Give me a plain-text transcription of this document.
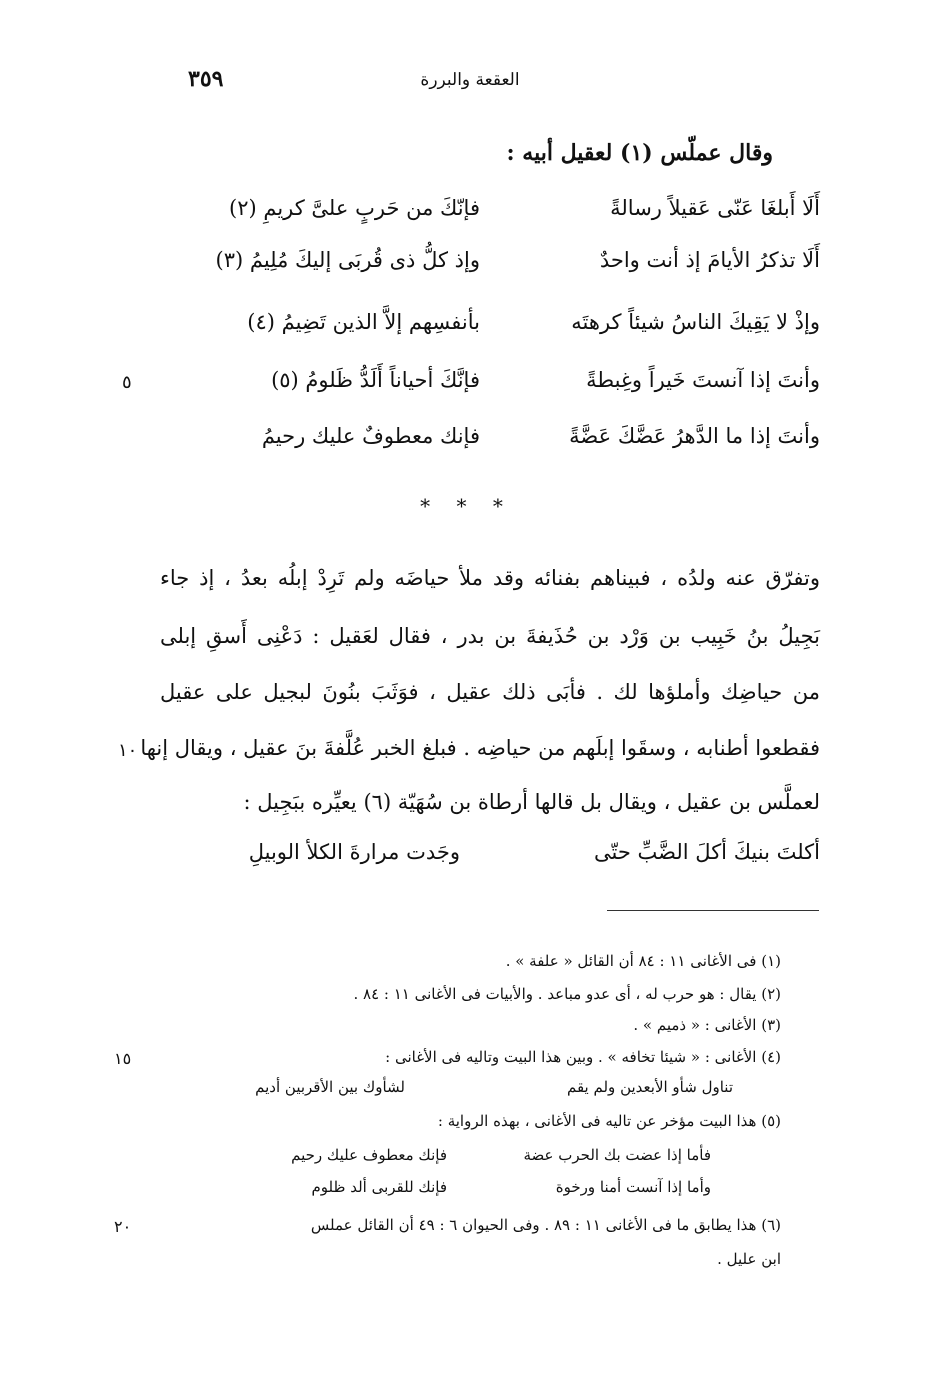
٣٥٩	العقعة والبررة
وقال عملّس (١) لعقيل أبيه :
أَلَا أَبلغَا عَنّى عَقيلاً رسالةً
فإنّكَ من حَربٍ علىَّ كريمِ (٢)
أَلَا تذكرُ الأيامَ إذ أنت واحدٌ
وإذ كلُّ ذى قُربَى إليكَ مُلِيمُ (٣)
وإذْ لا يَقِيكَ الناسُ شيئاً كرهتَه
بأنفسِهم إلاَّ الذين تَضِيمُ (٤)
وأنتَ إذا آنستَ خَيراً وغِبطةً
فإنَّكَ أحياناً أَلَدُّ ظَلومُ (٥)
٥
وأنتَ إذا ما الدَّهرُ عَضَّكَ عَضَّةً
فإنك معطوفٌ عليك رحيمُ
* * *
وتفرّق عنه ولدُه ، فبيناهم بفنائه وقد ملأ حياضَه ولم تَرِدْ إبلُه بعدُ ، إذ جاء
بَجِيلُ بنُ خَبِيب بن وَرْد بن حُذَيفةَ بن بدر ، فقال لعَقيل : دَعْنِى أَسقِ إبلى
من حياضِك وأملؤها لك . فأبَى ذلك عقيل ، فوَثَبَ بنُونَ لبجيل على عقيل
فقطعوا أطنابه ، وسقَوا إبلَهم من حياضِه . فبلغ الخبر عُلَّفةَ بنَ عقيل ، ويقال إنها
١٠
لعملَّس بن عقيل ، ويقال بل قالها أرطاة بن سُهَيّة (٦) يعيِّره ببَجِيل :
أكلتَ بنيكَ أكلَ الضَّبِّ حتّى
وجَدت مرارةَ الكلأ الوبيلِ
(١) فى الأغانى ١١ : ٨٤ أن القائل « علفة » .
(٢) يقال : هو حرب له ، أى عدو مباعد . والأبيات فى الأغانى ١١ : ٨٤ .
(٣) الأغانى : « ذميم » .
(٤) الأغانى : « شيئا تخافه » . وبين هذا البيت وتاليه فى الأغانى :
١٥
تناول شأو الأبعدين ولم يقم
لشأوك بين الأقربين أديم
(٥) هذا البيت مؤخر عن تاليه فى الأغانى ، بهذه الرواية :
فأما إذا عضت بك الحرب عضة
فإنك معطوف عليك رحيم
وأما إذا آنست أمنا ورخوة
فإنك للقربى ألد ظلوم
(٦) هذا يطابق ما فى الأغانى ١١ : ٨٩ . وفى الحيوان ٦ : ٤٩ أن القائل عملس
٢٠
ابن عليل .
